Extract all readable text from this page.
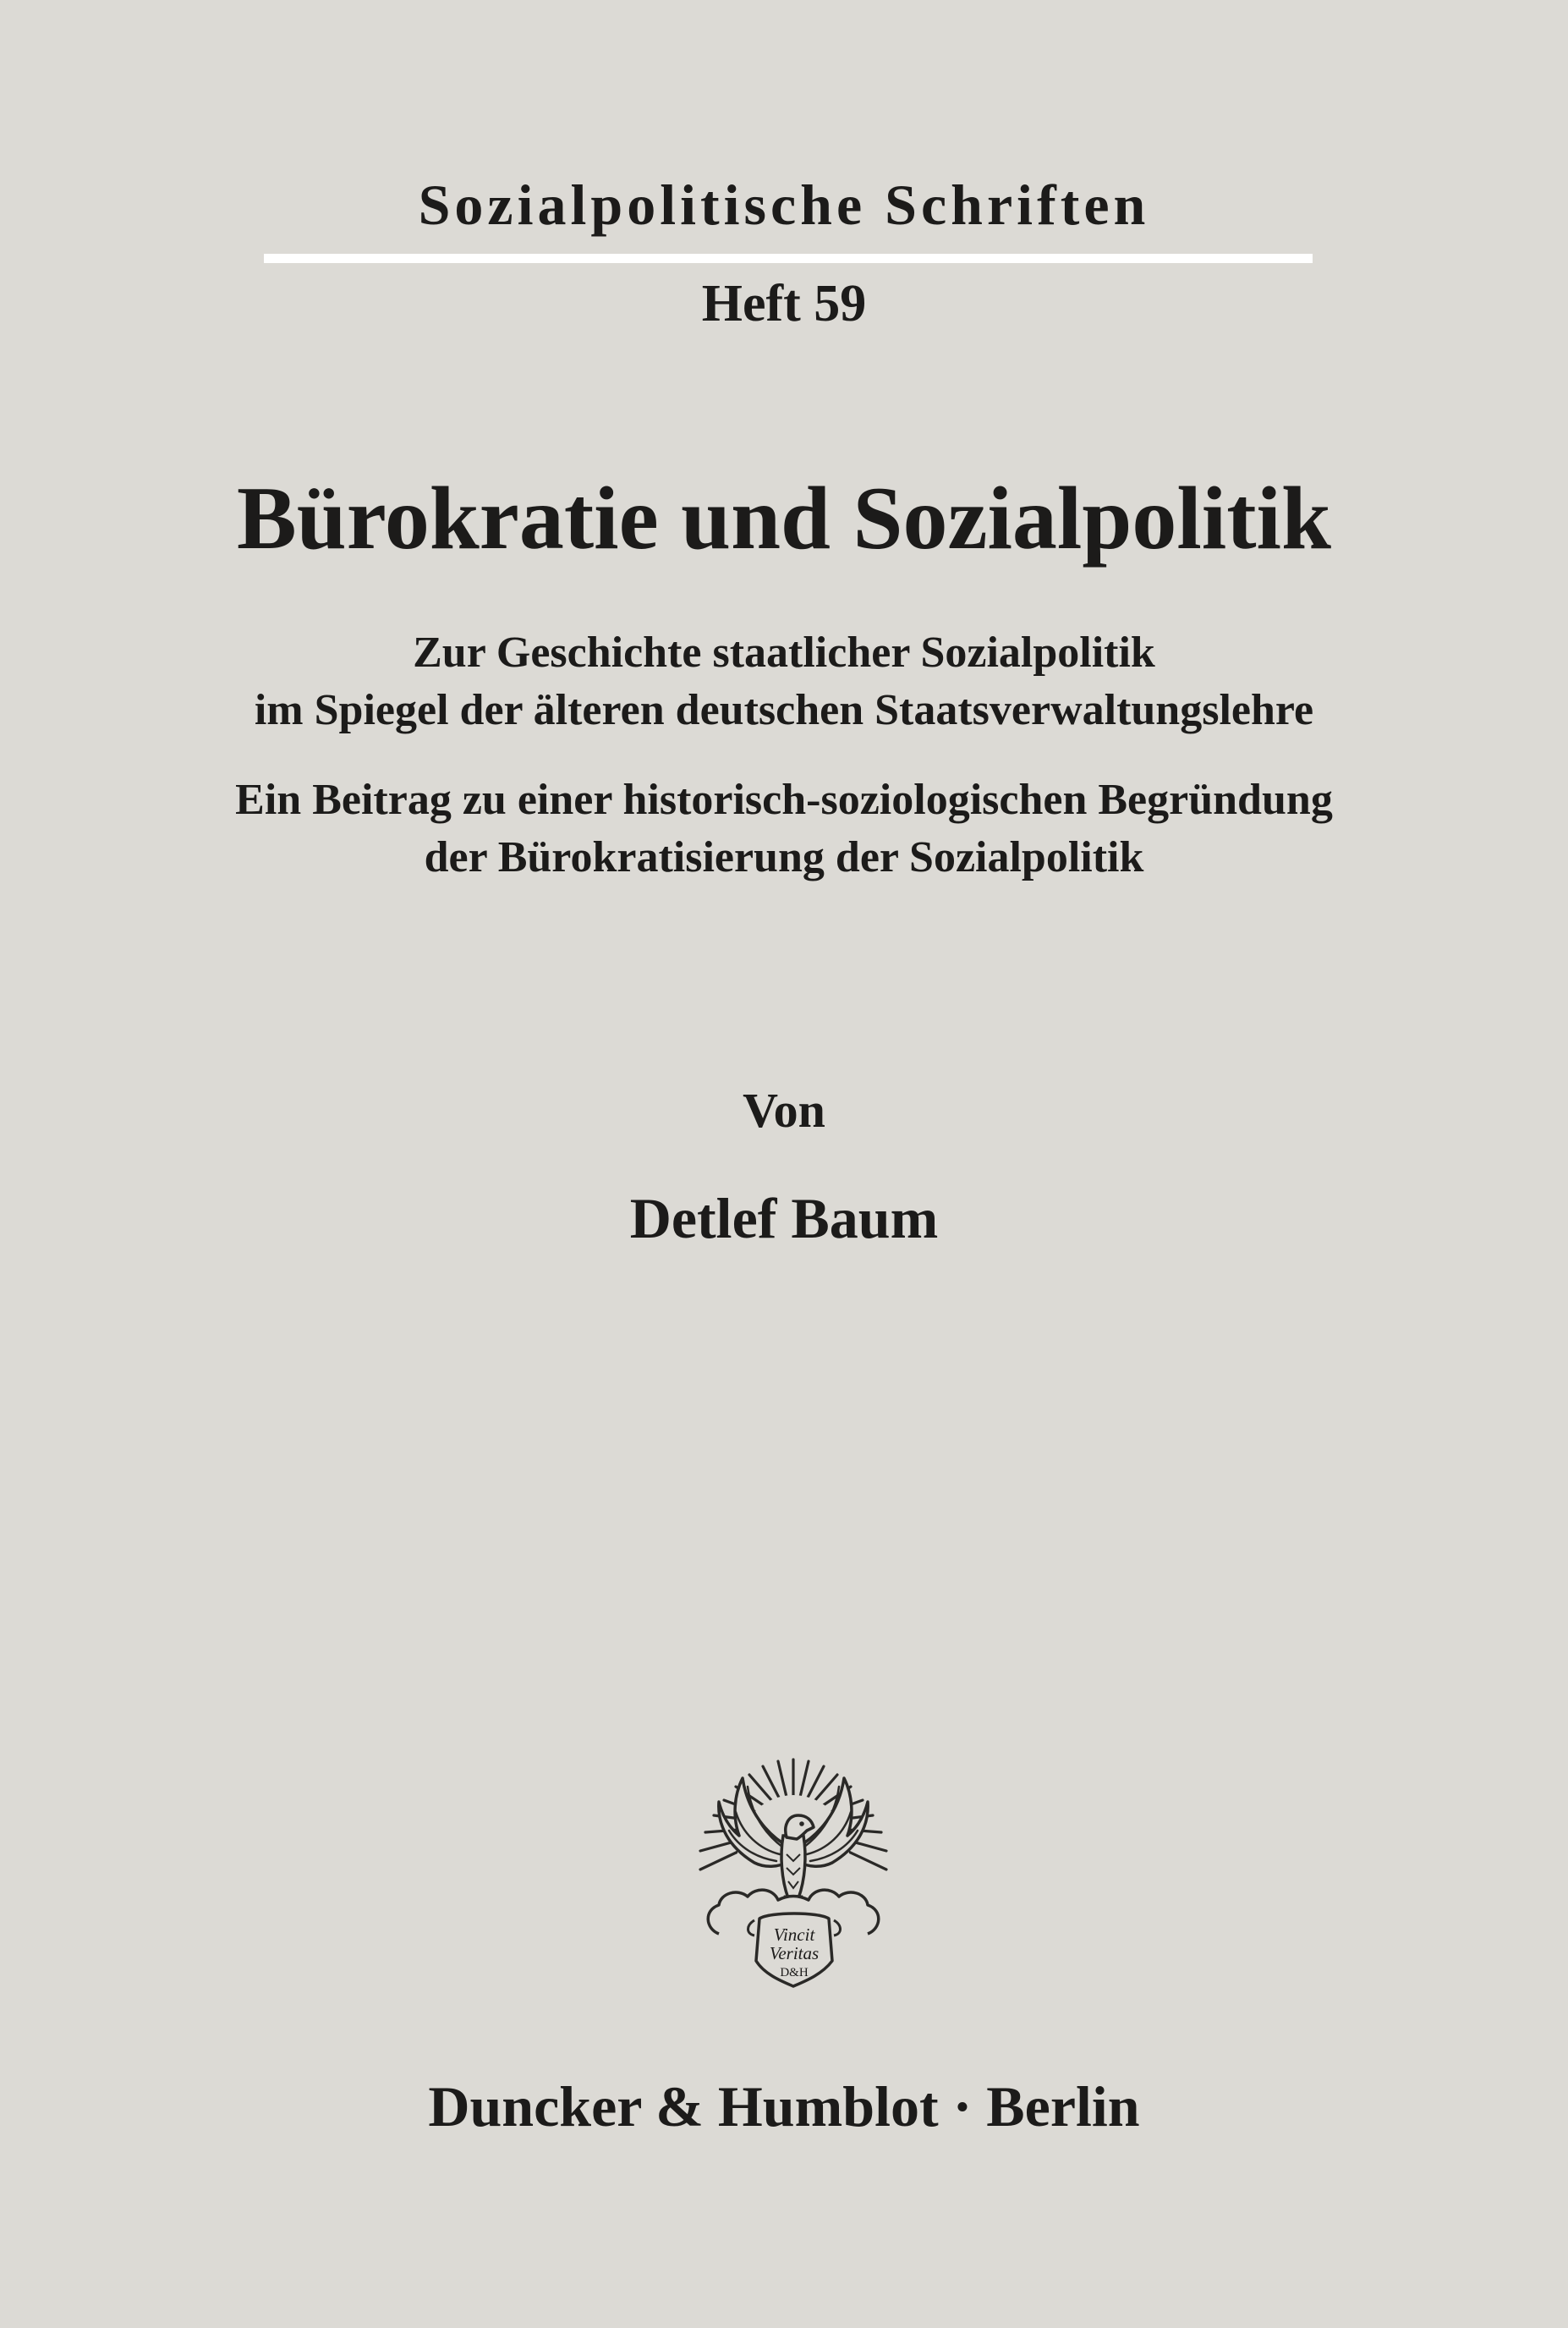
Sozialpolitische Schriften
Heft 59
Bürokratie und Sozialpolitik
Zur Geschichte staatlicher Sozialpolitik
im Spiegel der älteren deutschen Staatsverwaltungslehre
Ein Beitrag zu einer historisch-soziologischen Begründung
der Bürokratisierung der Sozialpolitik
Von
Detlef Baum
Vincit
Veritas
D&H
Duncker & Humblot · Berlin
